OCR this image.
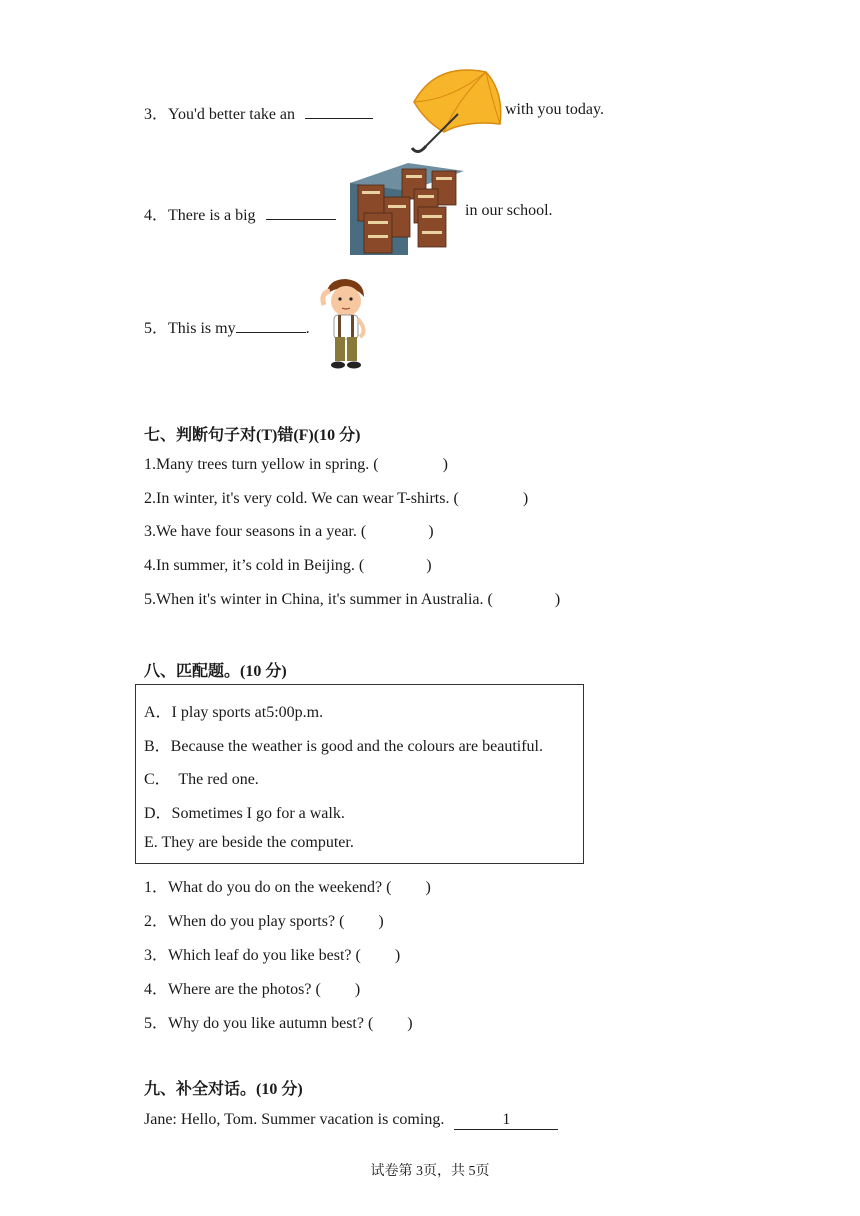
3．You'd better take an	with you today.
4．There is a big	in our school.
5．This is my	.
七、判断句子对(T)错(F)(10 分)
1.Many trees turn yellow in spring. (	)
2.In winter, it's very cold. We can wear T-shirts. (	)
3.We have four seasons in a year. (	)
4.In summer, it’s cold in Beijing. (	)
5.When it's winter in China, it's summer in Australia. (	)
八、匹配题。(10 分)
A．I play sports at5:00p.m.
B．Because the weather is good and the colours are beautiful.
C．  The red one.
D．Sometimes I go for a walk.
E. They are beside the computer.
1．What do you do on the weekend? ( )
2．When do you play sports? ( )
3．Which leaf do you like best? ( )
4．Where are the photos? ( )
5．Why do you like autumn best? ( )
九、补全对话。(10 分)
Jane: Hello, Tom. Summer vacation is coming.	1
试卷第 3页，共 5页
